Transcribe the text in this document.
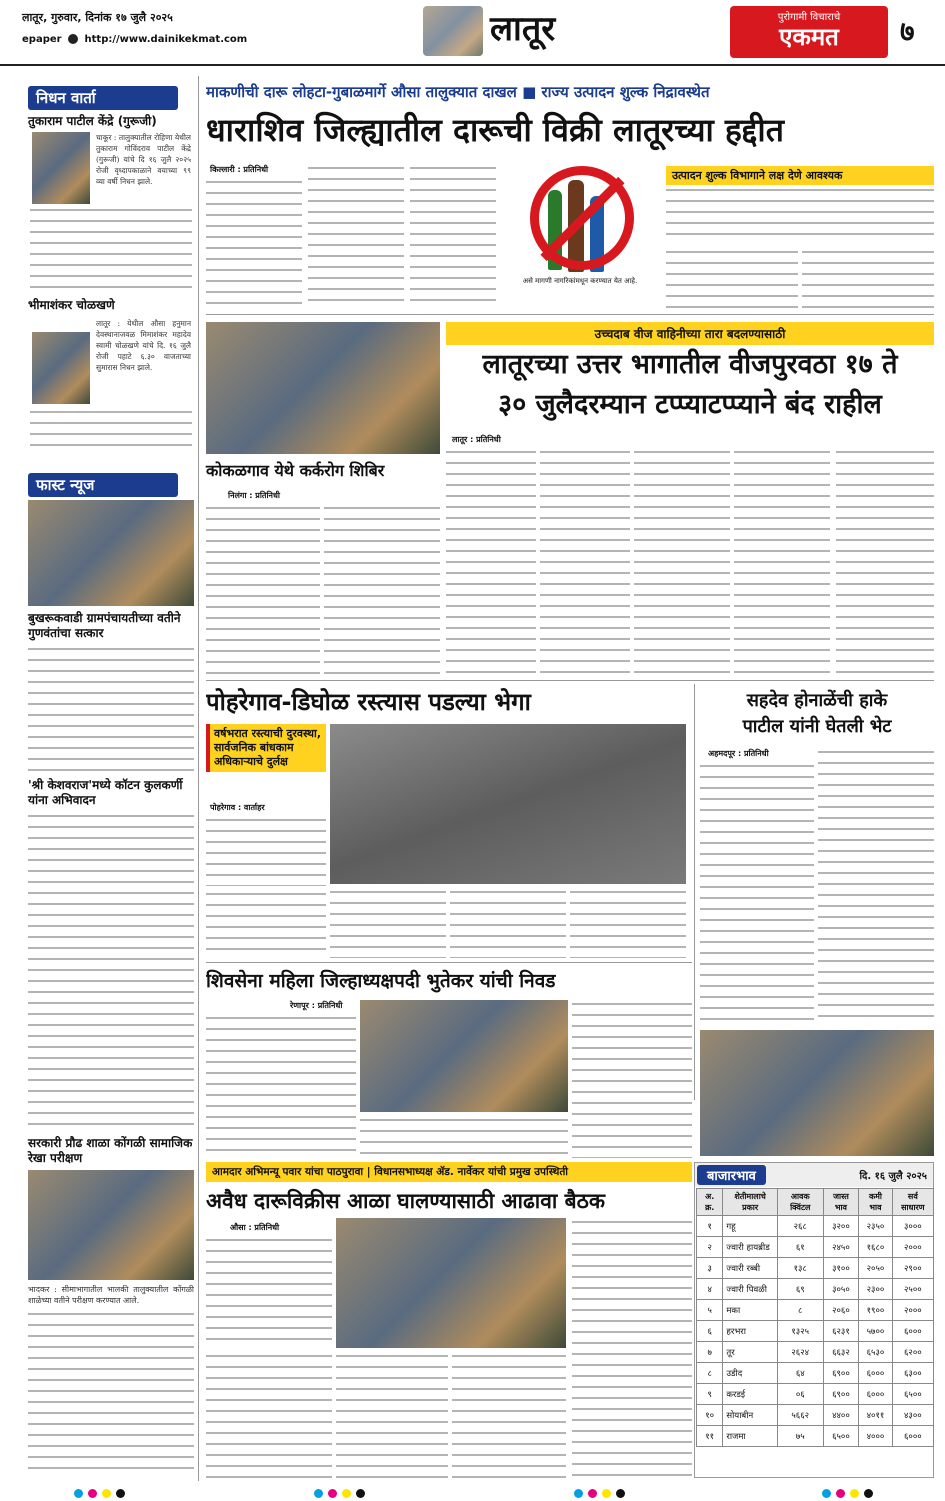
लातूर, गुरुवार, दिनांक १७ जुलै २०२५
epaper http://www.dainikekmat.com	लातूर	पुरोगामी विचाराचे
एकमत	७
निधन वार्ता
तुकाराम पाटील केंद्रे (गुरूजी)
चाकूर : तालुक्यातील रोहिणा येथील तुकाराम गोविंदराव पाटील केंद्रे (गुरूजी) यांचे दि १६ जुलै २०२५ रोजी वृध्दापकाळाने वयाच्या ९९ व्या वर्षी निधन झाले.
भीमाशंकर चोळखणे
लातूर : येथील औसा हनुमान देवस्थानाजवळ मिमाशंकर महादेव स्वामी चोळखणे यांचे दि. १६ जुलै रोजी पहाटे ६.३० वाजताच्या सुमारास निधन झाले.
फास्ट न्यूज
बुखरूकवाडी ग्रामपंचायतीच्या वतीने गुणवंतांचा सत्कार
'श्री केशवराज'मध्ये कॉटन कुलकर्णी यांना अभिवादन
सरकारी प्रौढ शाळा कोंगळी सामाजिक रेखा परीक्षण
भादकर : सीमाभागातील भालकी तालुक्यातील कोंगळी शाळेच्या वतीने परीक्षण करण्यात आले.
माकणीची दारू लोहटा-गुबाळमार्गे औसा तालुक्यात दाखल ■ राज्य उत्पादन शुल्क निद्रावस्थेत
धाराशिव जिल्ह्यातील दारूची विक्री लातूरच्या हद्दीत
किल्लारी : प्रतिनिधी
असे मागणी नागरिकांमधून करण्यात येत आहे.
उत्पादन शुल्क विभागाने लक्ष देणे आवश्यक
उच्चदाब वीज वाहिनीच्या तारा बदलण्यासाठी
लातूरच्या उत्तर भागातील वीजपुरवठा १७ ते
३० जुलैदरम्यान टप्प्याटप्प्याने बंद राहील
लातूर : प्रतिनिधी
कोकळगाव येथे कर्करोग शिबिर
निलंगा : प्रतिनिधी
पोहरेगाव-डिघोळ रस्त्यास पडल्या भेगा
वर्षभरात रस्त्याची दुरवस्था, सार्वजनिक बांधकाम अधिकाऱ्याचे दुर्लक्ष
पोहरेगाव : वार्ताहर
सहदेव होनाळेंची हाके
पाटील यांनी घेतली भेट
अहमदपूर : प्रतिनिधी
शिवसेना महिला जिल्हाध्यक्षपदी भुतेकर यांची निवड
रेणापूर : प्रतिनिधी
आमदार अभिमन्यू पवार यांचा पाठपुरावा | विधानसभाध्यक्ष ॲड. नार्वेकर यांची प्रमुख उपस्थिती
अवैध दारूविक्रीस आळा घालण्यासाठी आढावा बैठक
औसा : प्रतिनिधी
बाजारभाव	दि. १६ जुलै २०२५
अ. क्र.	शेतीमालाचे प्रकार	आवक क्विंटल	जास्त भाव	कमी भाव	सर्व साधारण
१	गहू	२६८	३२००	२३५०	३०००
२	ज्वारी हायब्रीड	६१	२४५०	१६८०	२०००
३	ज्वारी रब्बी	१३८	३१००	२०५०	२९००
४	ज्वारी पिवळी	६९	३०५०	२३००	२५००
५	मका	८	२०६०	१९००	२०००
६	हरभरा	१३२५	६२३१	५७००	६०००
७	तूर	२६२४	६६३२	६५३०	६२००
८	उडीद	६४	६९००	६०००	६३००
९	करडई	०६	६९००	६०००	६५००
१०	सोयाबीन	५६६२	४४००	४०११	४३००
११	राजमा	७५	६५००	४०००	६०००
